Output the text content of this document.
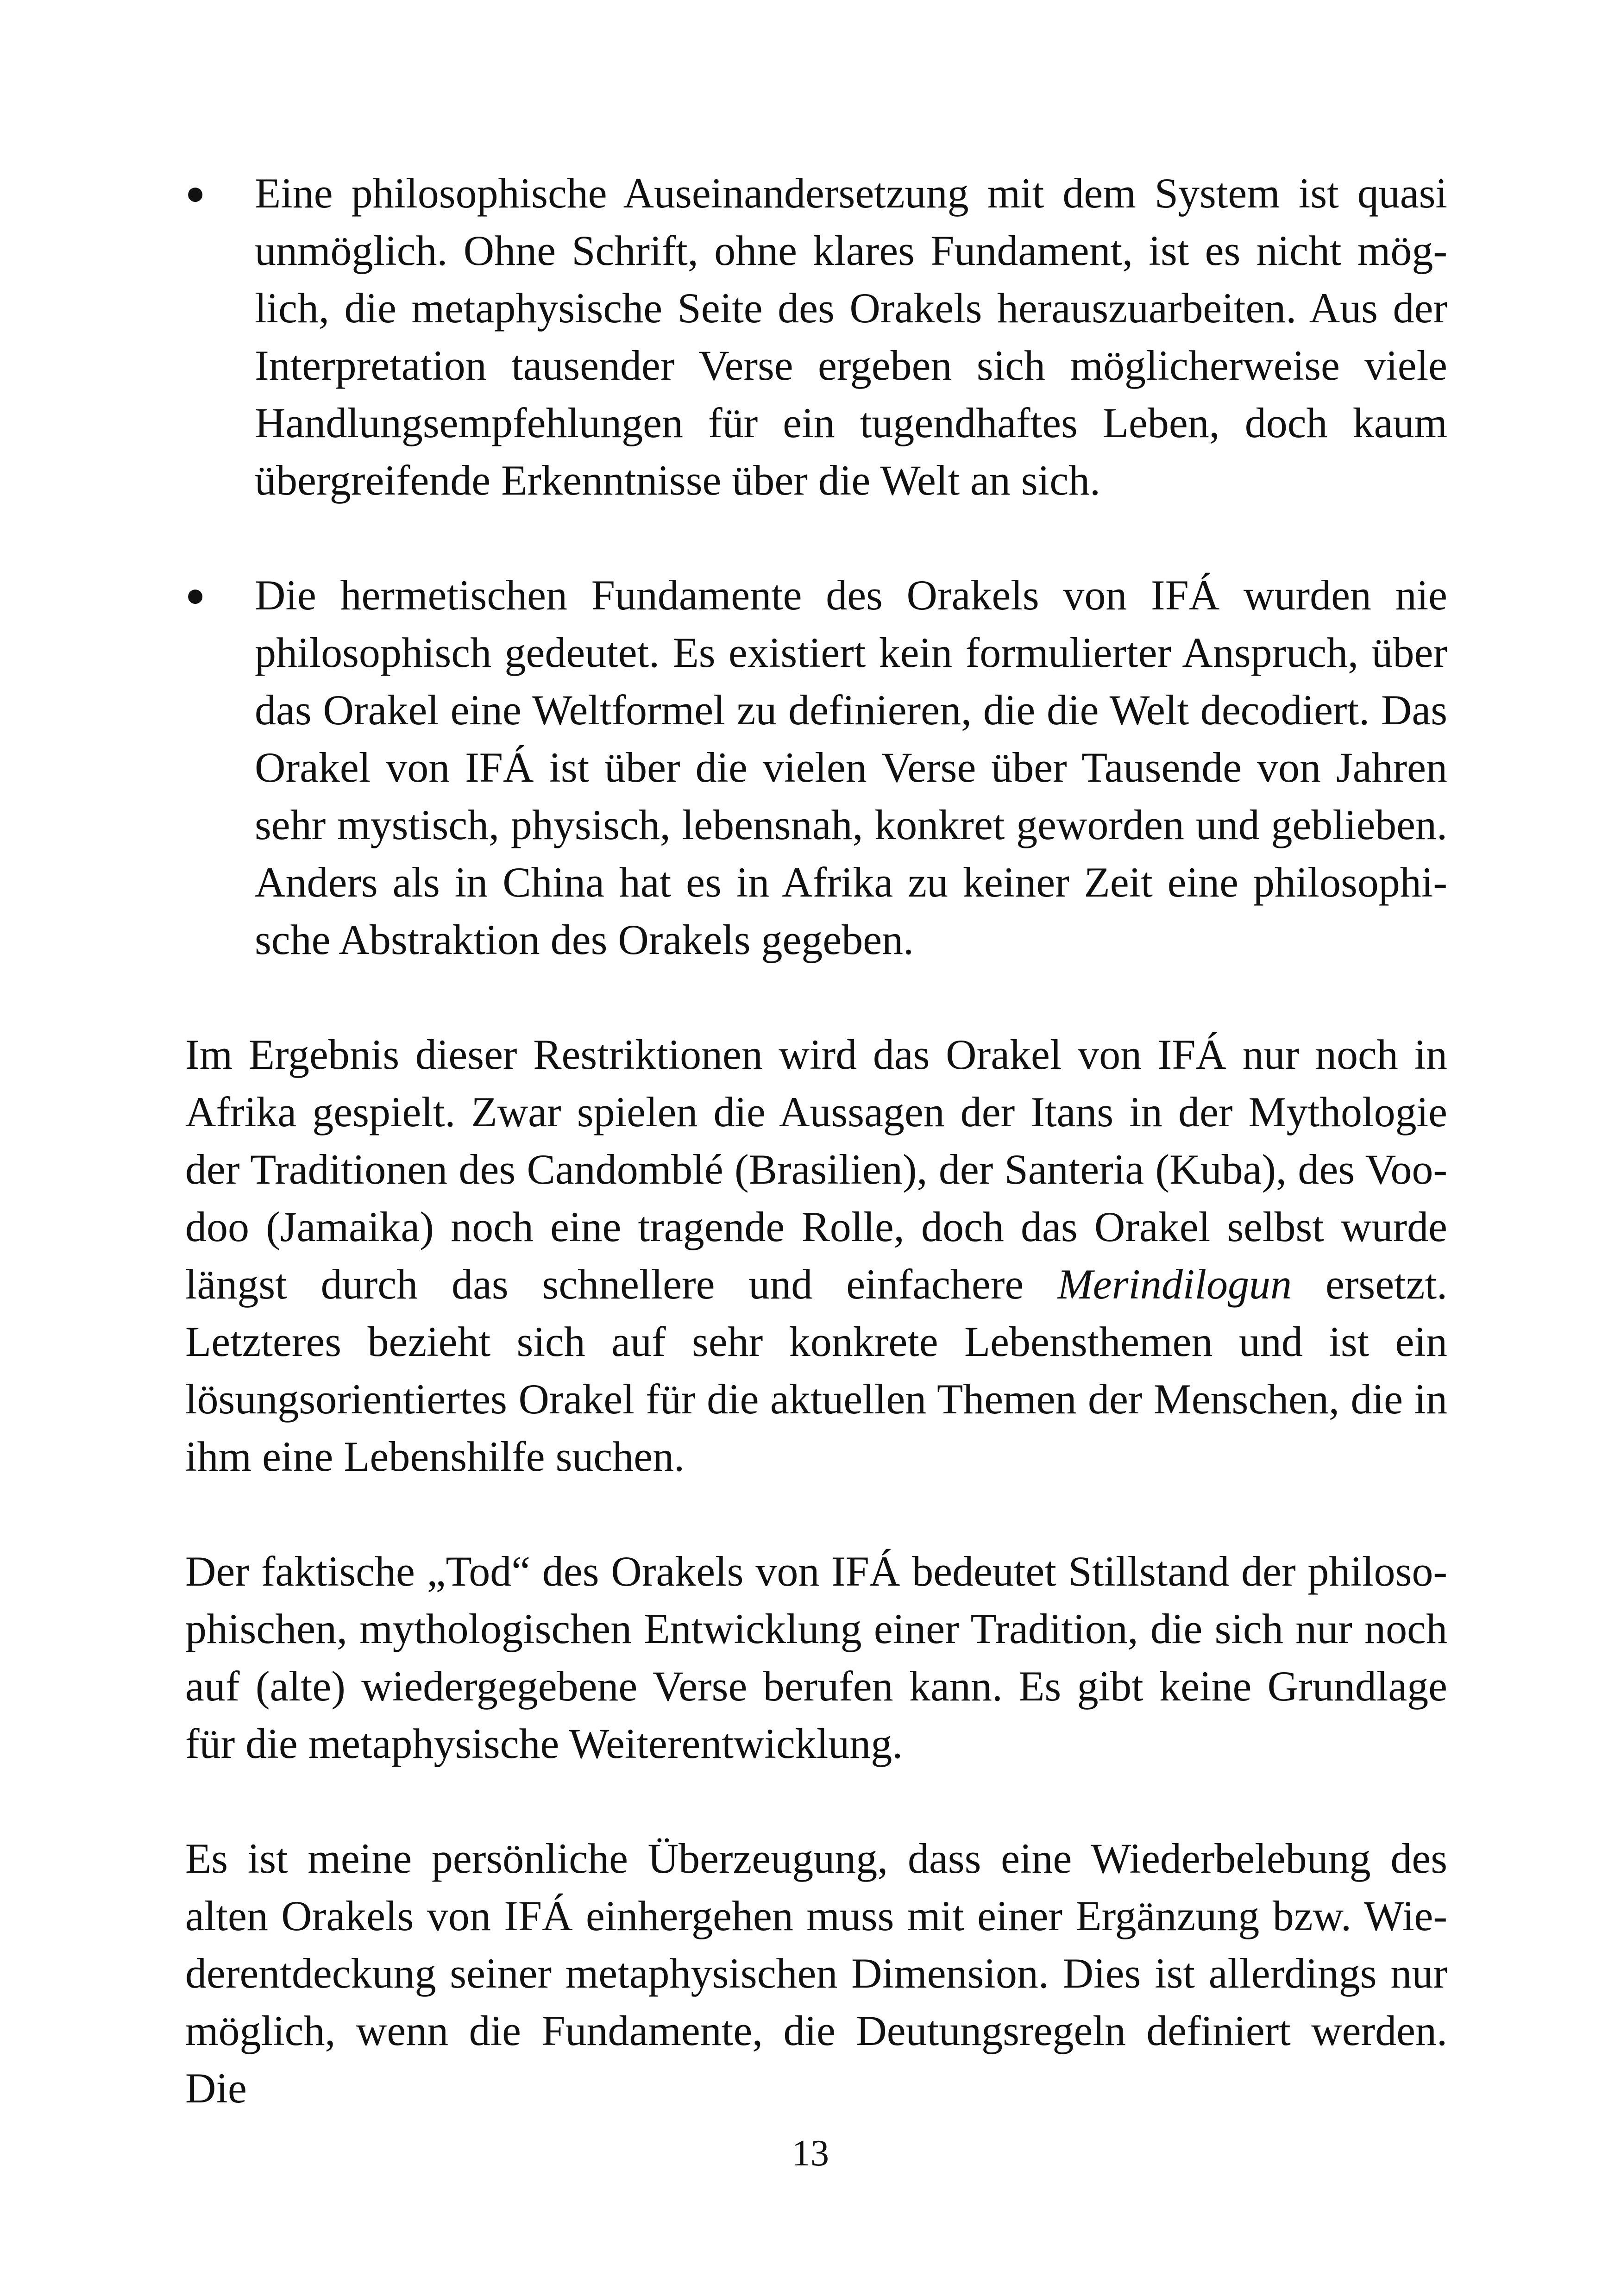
● Eine philosophische Auseinandersetzung mit dem System ist quasi unmöglich. Ohne Schrift, ohne klares Fundament, ist es nicht möglich, die metaphysische Seite des Orakels herauszuarbeiten. Aus der Interpretation tausender Verse ergeben sich möglicherweise viele Handlungsempfehlungen für ein tugendhaftes Leben, doch kaum übergreifende Erkenntnisse über die Welt an sich.
● Die hermetischen Fundamente des Orakels von IFÁ wurden nie philosophisch gedeutet. Es existiert kein formulierter Anspruch, über das Orakel eine Weltformel zu definieren, die die Welt decodiert. Das Orakel von IFÁ ist über die vielen Verse über Tausende von Jahren sehr mystisch, physisch, lebensnah, konkret geworden und geblieben. Anders als in China hat es in Afrika zu keiner Zeit eine philosophische Abstraktion des Orakels gegeben.

Im Ergebnis dieser Restriktionen wird das Orakel von IFÁ nur noch in Afrika gespielt. Zwar spielen die Aussagen der Itans in der Mythologie der Traditionen des Candomblé (Brasilien), der Santeria (Kuba), des Voodoo (Jamaika) noch eine tragende Rolle, doch das Orakel selbst wurde längst durch das schnellere und einfachere Merindilogun ersetzt. Letzteres bezieht sich auf sehr konkrete Lebensthemen und ist ein lösungsorientiertes Orakel für die aktuellen Themen der Menschen, die in ihm eine Lebenshilfe suchen.

Der faktische „Tod“ des Orakels von IFÁ bedeutet Stillstand der philosophischen, mythologischen Entwicklung einer Tradition, die sich nur noch auf (alte) wiedergegebene Verse berufen kann. Es gibt keine Grundlage für die metaphysische Weiterentwicklung.

Es ist meine persönliche Überzeugung, dass eine Wiederbelebung des alten Orakels von IFÁ einhergehen muss mit einer Ergänzung bzw. Wiederentdeckung seiner metaphysischen Dimension. Dies ist allerdings nur möglich, wenn die Fundamente, die Deutungsregeln definiert werden. Die

13
